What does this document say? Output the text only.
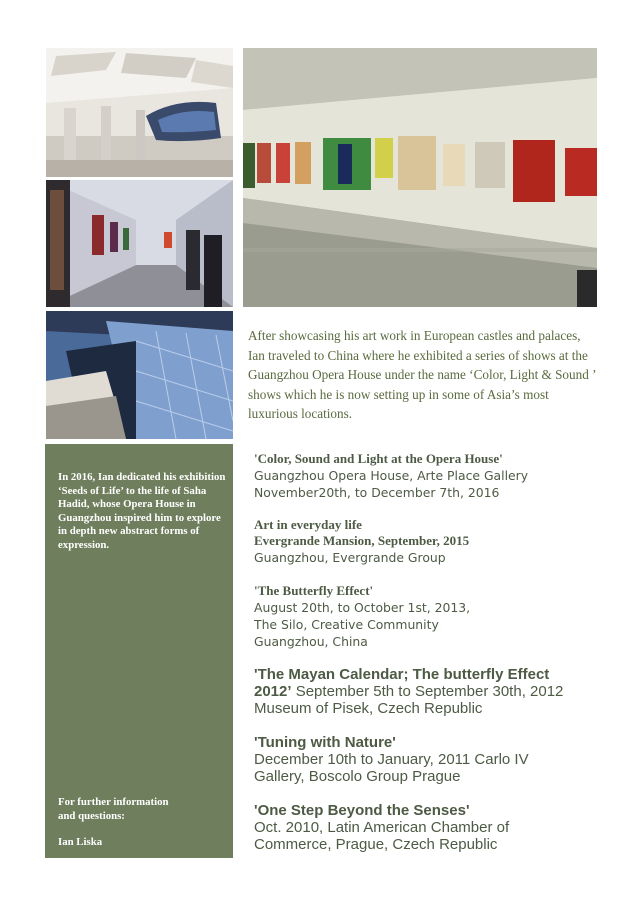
After showcasing his art work in European castles and palaces, Ian traveled to China where he exhibited a series of shows at the Guangzhou Opera House under the name ‘Color, Light & Sound ’ shows which he is now setting up in some of Asia’s most luxurious locations.
In 2016, Ian dedicated his exhibition ‘Seeds of Life’ to the life of Saha Hadid, whose Opera House in Guangzhou inspired him to explore in depth new abstract forms of expression.
For further information
and questions:
Ian Liska
'Color, Sound and Light at the Opera House'
Guangzhou Opera House, Arte Place Gallery
November20th, to December 7th, 2016
Art in everyday life
Evergrande Mansion, September, 2015
Guangzhou, Evergrande Group
'The Butterfly Effect'
August 20th, to October 1st, 2013,
The Silo, Creative Community
Guangzhou, China
'The Mayan Calendar; The butterfly Effect
2012’ September 5th to September 30th, 2012
Museum of Pisek, Czech Republic
'Tuning with Nature'
December 10th to January, 2011 Carlo IV
Gallery, Boscolo Group Prague
'One Step Beyond the Senses'
Oct. 2010, Latin American Chamber of
Commerce, Prague, Czech Republic
